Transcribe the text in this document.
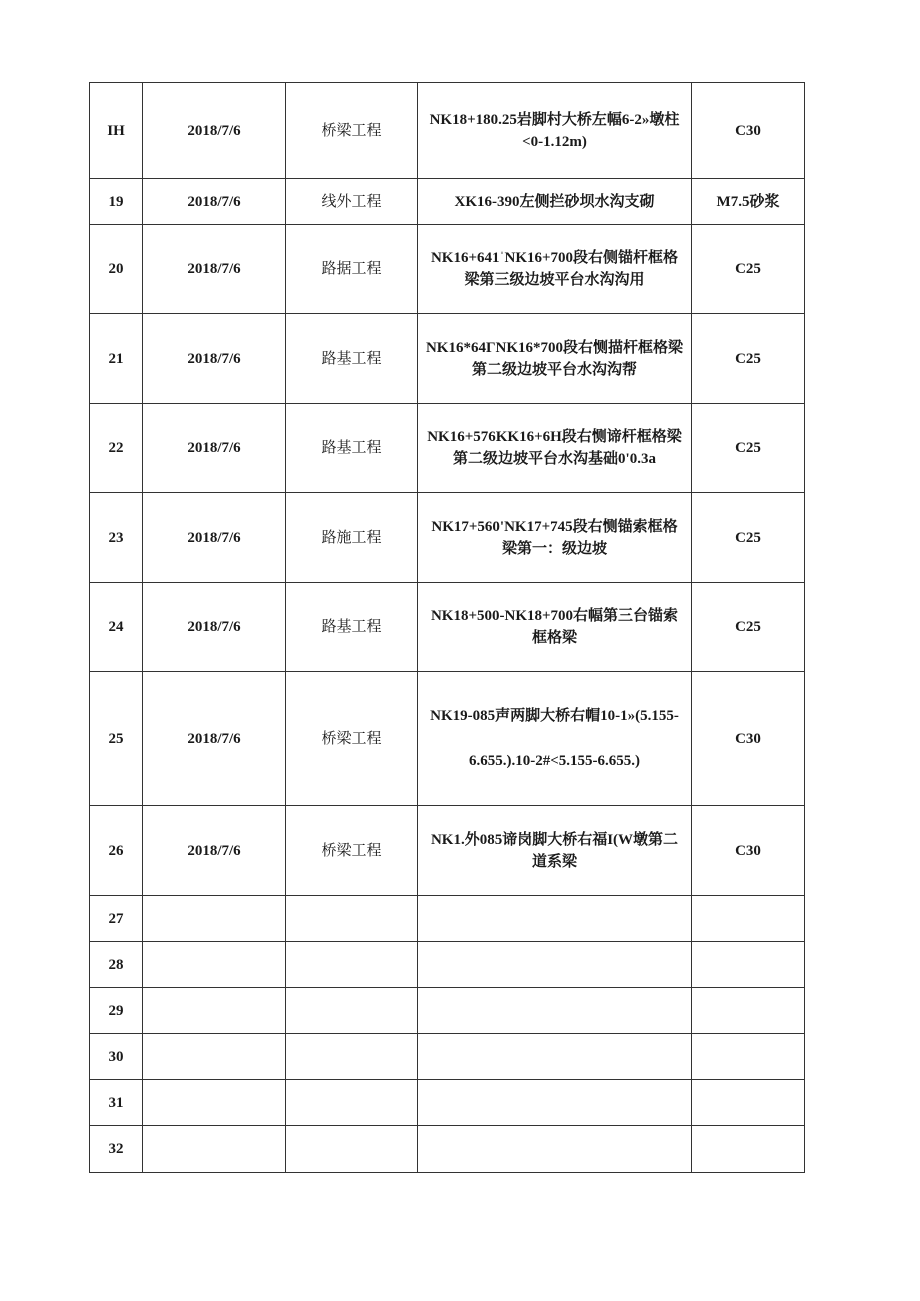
IH	2018/7/6	桥梁工程	NK18+180.25岩脚村大桥左幅6-2»墩柱<0-1.12m)	C30
19	2018/7/6	线外工程	XK16-390左侧拦砂坝水沟支砌	M7.5砂浆
20	2018/7/6	路据工程	NK16+641ˈNK16+700段右侧锚杆框格梁第三级边坡平台水沟沟用	C25
21	2018/7/6	路基工程	NK16*64ΓNK16*700段右恻描杆框格梁第二级边坡平台水沟沟帮	C25
22	2018/7/6	路基工程	NK16+576KK16+6H段右恻谛杆框格梁第二级边坡平台水沟基础0'0.3a	C25
23	2018/7/6	路施工程	NK17+560'NK17+745段右恻锚索框格梁第一：级边坡	C25
24	2018/7/6	路基工程	NK18+500-NK18+700右幅第三台锚索框格梁	C25
25	2018/7/6	桥梁工程	NK19-085声两脚大桥右帽10-1»(5.155-6.655.).10-2#<5.155-6.655.)	C30
26	2018/7/6	桥梁工程	NK1.外085谛岗脚大桥右福I(W墩第二道系梁	C30
27				
28				
29				
30				
31				
32				
